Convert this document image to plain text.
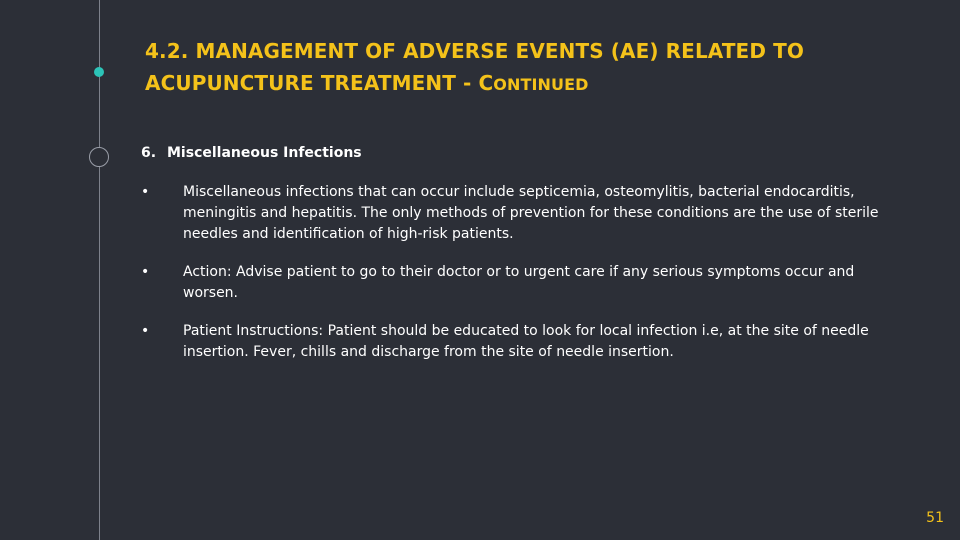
4.2. MANAGEMENT OF ADVERSE EVENTS (AE) RELATED TO ACUPUNCTURE TREATMENT - CONTINUED
6. Miscellaneous Infections
• Miscellaneous infections that can occur include septicemia, osteomylitis, bacterial endocarditis, meningitis and hepatitis. The only methods of prevention for these conditions are the use of sterile needles and identification of high-risk patients.
• Action: Advise patient to go to their doctor or to urgent care if any serious symptoms occur and worsen.
• Patient Instructions: Patient should be educated to look for local infection i.e, at the site of needle insertion. Fever, chills and discharge from the site of needle insertion.
51
